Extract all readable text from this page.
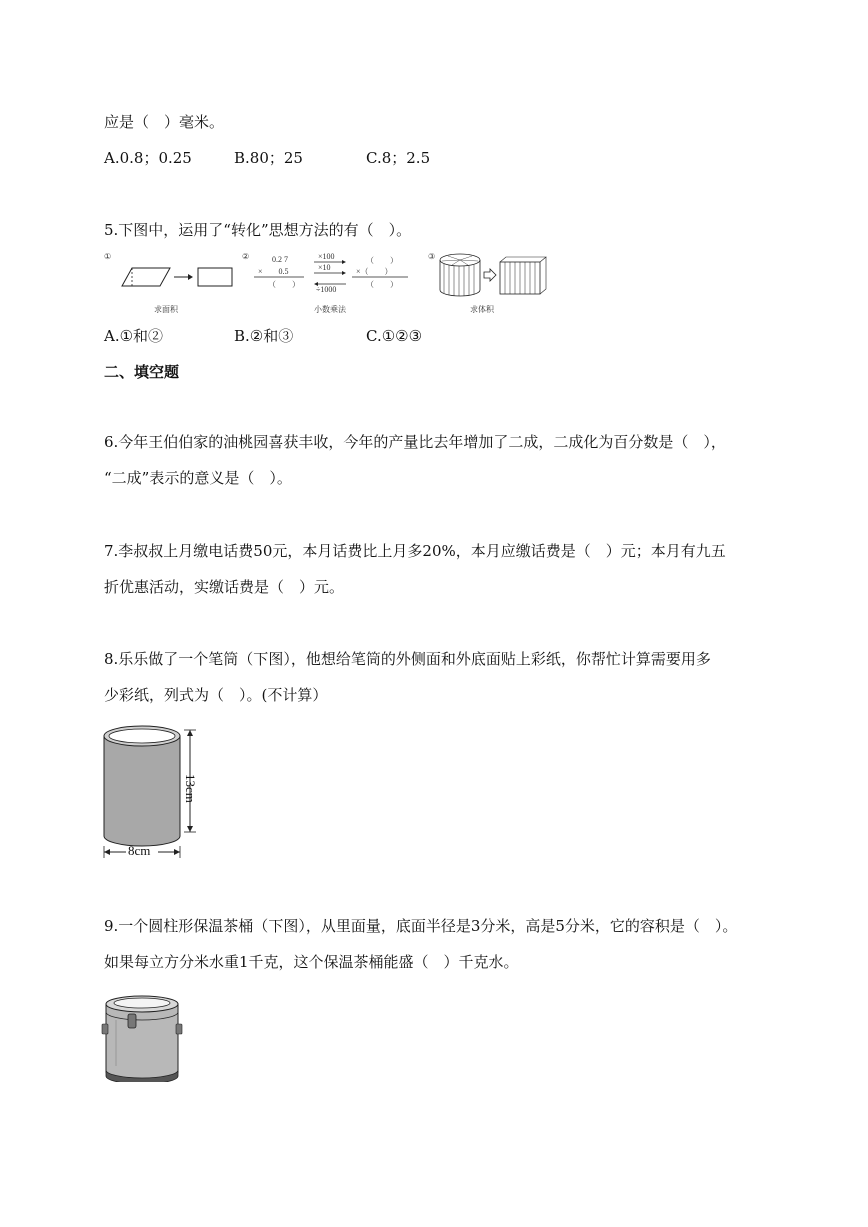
应是（　）毫米。
A.0.8；0.25	B.80；25	C.8；2.5
5.下图中，运用了“转化”思想方法的有（　）。
①
求面积
②	0.2 7
×　　0.5
（　　）
×100
×10
÷1000
（　　）
×（　　）
（　　）
小数乘法
③
求体积
A.①和②	B.②和③	C.①②③
二、填空题
6.今年王伯伯家的油桃园喜获丰收，今年的产量比去年增加了二成，二成化为百分数是（　），
“二成”表示的意义是（　）。
7.李叔叔上月缴电话费50元，本月话费比上月多20%，本月应缴话费是（　）元；本月有九五
折优惠活动，实缴话费是（　）元。
8.乐乐做了一个笔筒（下图），他想给笔筒的外侧面和外底面贴上彩纸，你帮忙计算需要用多
少彩纸，列式为（　）。(不计算）
13cm
8cm
9.一个圆柱形保温茶桶（下图），从里面量，底面半径是3分米，高是5分米，它的容积是（　）。
如果每立方分米水重1千克，这个保温茶桶能盛（　）千克水。
